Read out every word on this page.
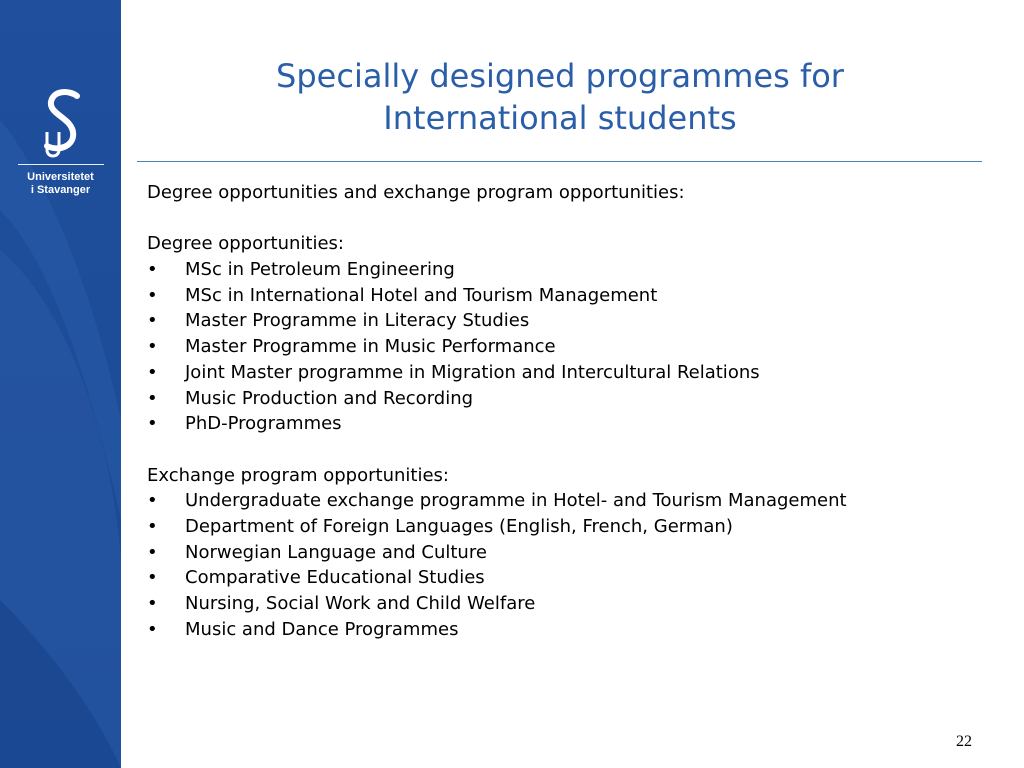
Universitetet
i Stavanger
Specially designed programmes for
International students
Degree opportunities and exchange program opportunities:
Degree opportunities:
• MSc in Petroleum Engineering
• MSc in International Hotel and Tourism Management
• Master Programme in Literacy Studies
• Master Programme in Music Performance
• Joint Master programme in Migration and Intercultural Relations
• Music Production and Recording
• PhD-Programmes
Exchange program opportunities:
• Undergraduate exchange programme in Hotel- and Tourism Management
• Department of Foreign Languages (English, French, German)
• Norwegian Language and Culture
• Comparative Educational Studies
• Nursing, Social Work and Child Welfare
• Music and Dance Programmes
22
